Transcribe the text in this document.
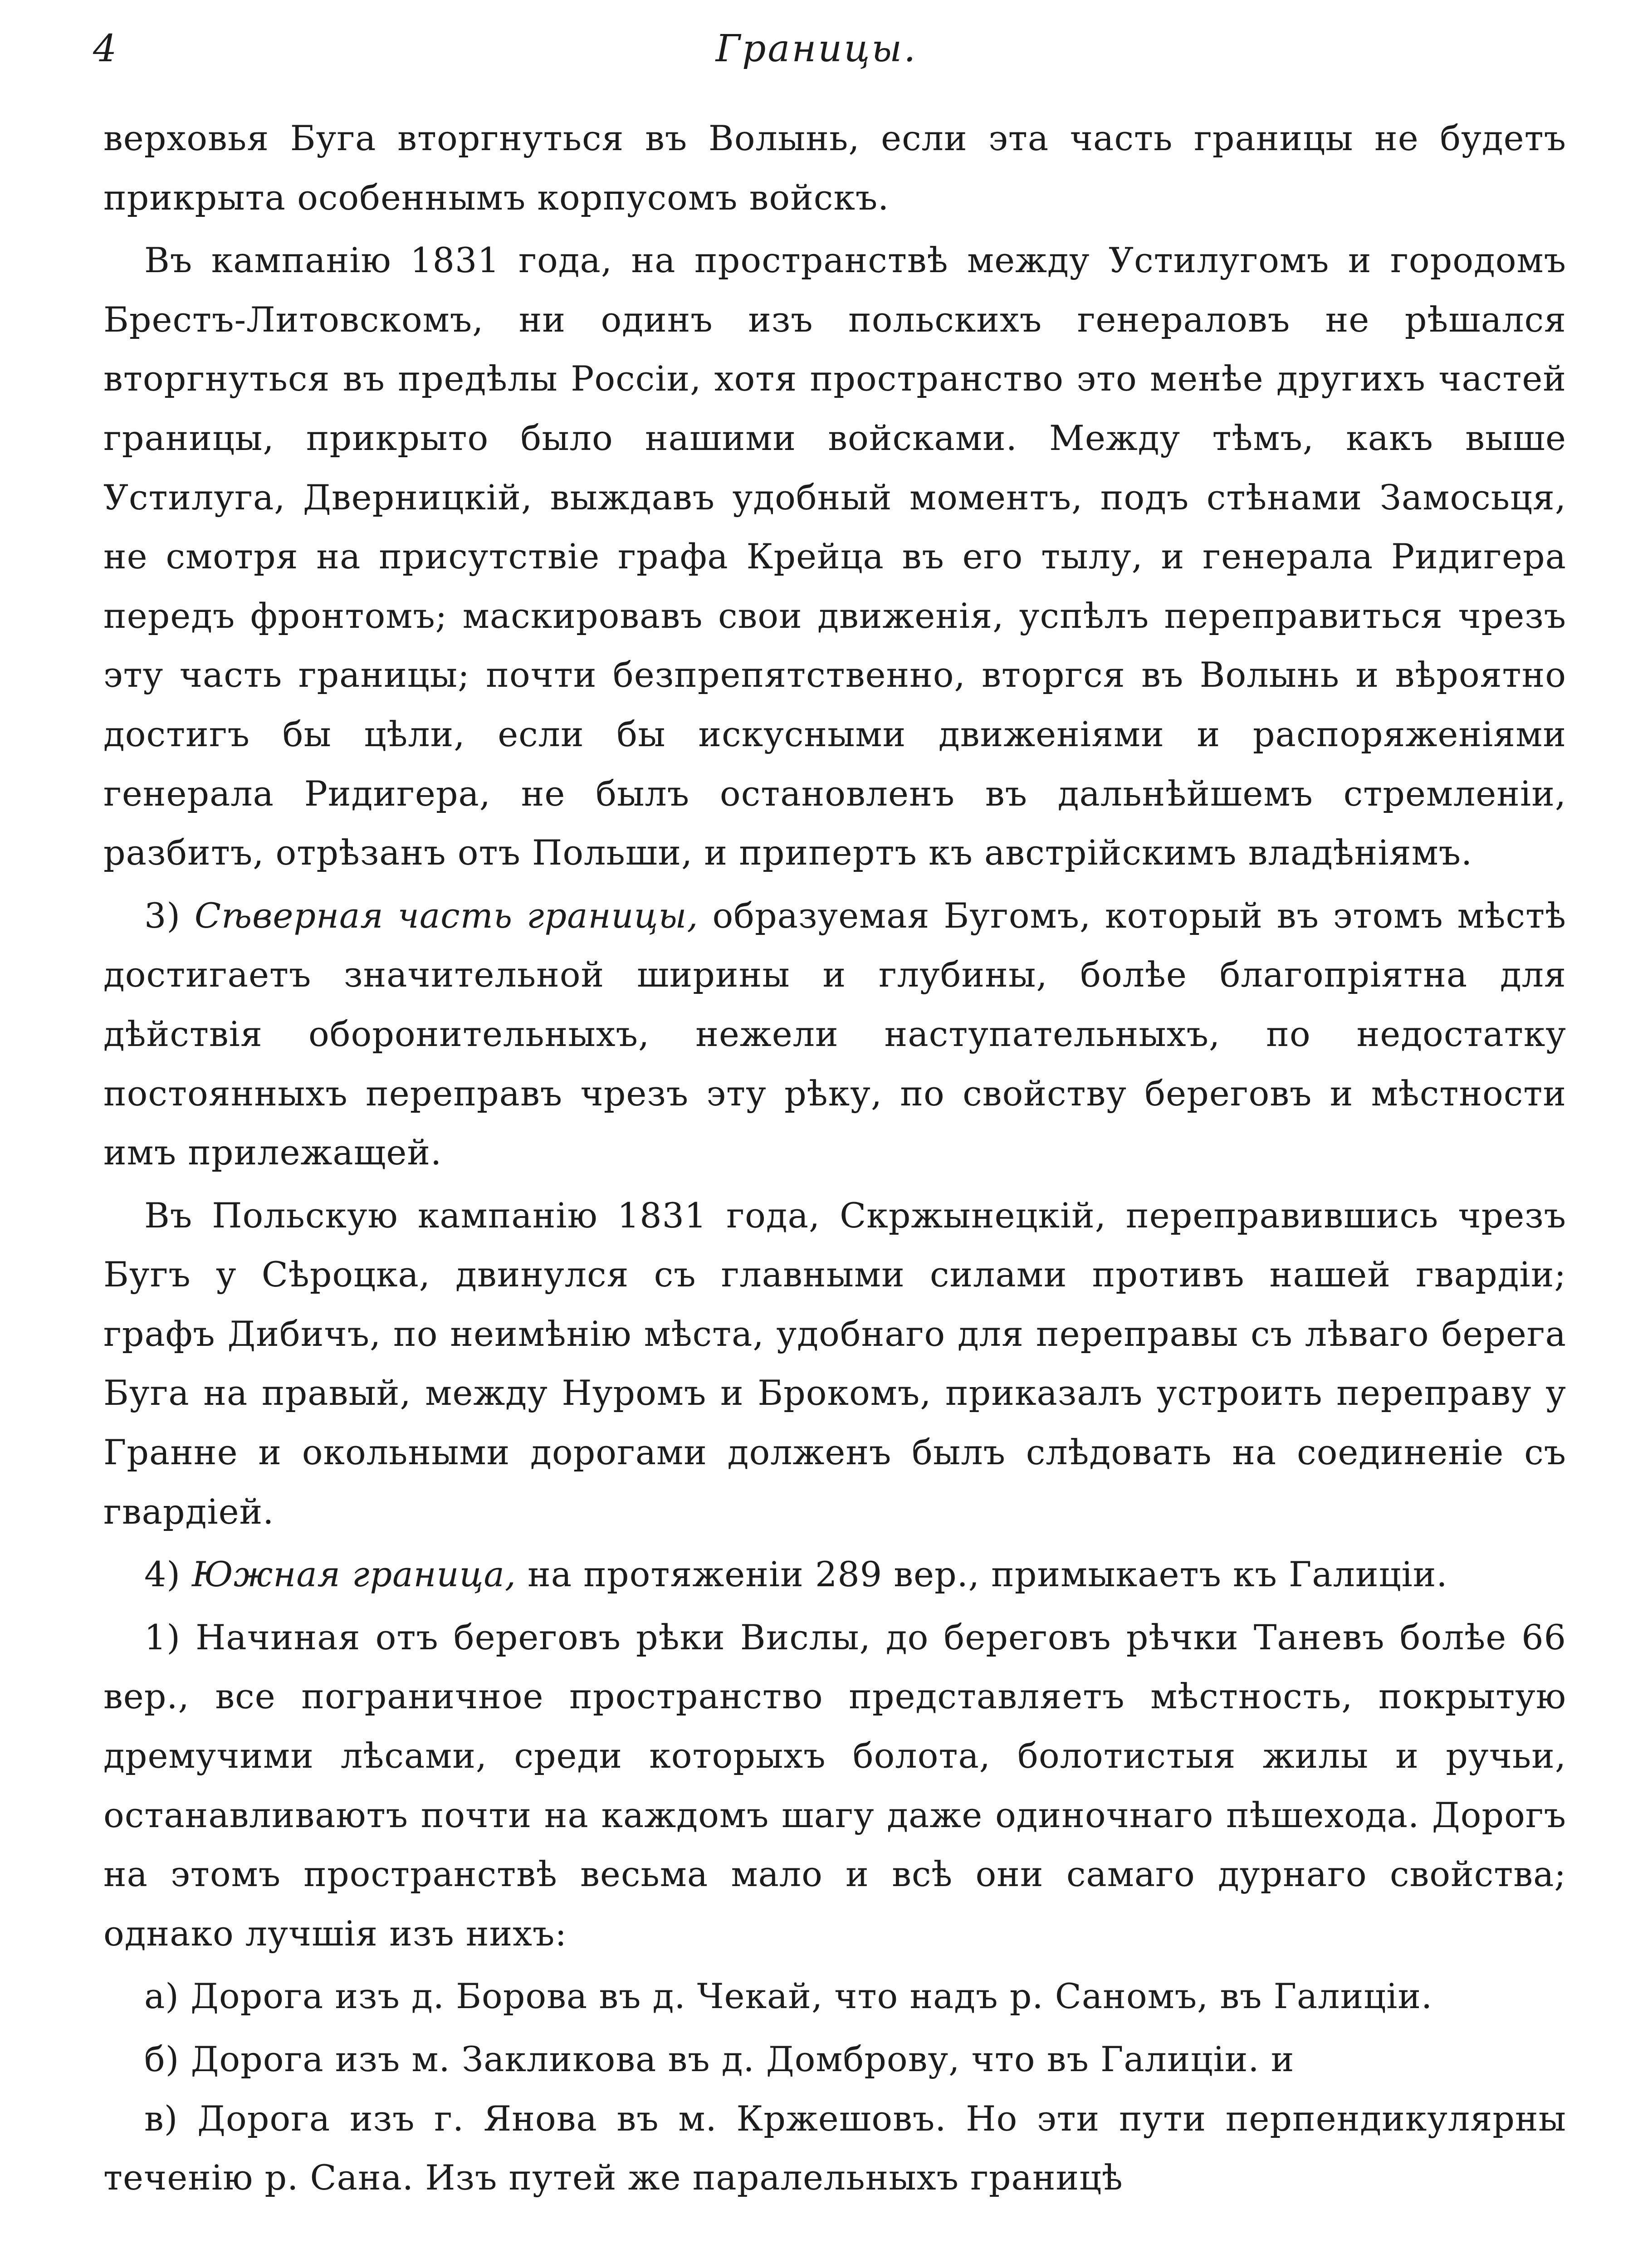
4	Границы.

верховья Буга вторгнуться въ Волынь, если эта часть границы не будетъ прикрыта особеннымъ корпусомъ войскъ.

Въ кампанію 1831 года, на пространствѣ между Устилугомъ и городомъ Брестъ-Литовскомъ, ни одинъ изъ польскихъ генераловъ не рѣшался вторгнуться въ предѣлы Россіи, хотя пространство это менѣе другихъ частей границы, прикрыто было нашими войсками. Между тѣмъ, какъ выше Устилуга, Дверницкій, выждавъ удобный моментъ, подъ стѣнами Замосьця, не смотря на присутствіе графа Крейца въ его тылу, и генерала Ридигера передъ фронтомъ; маскировавъ свои движенія, успѣлъ переправиться чрезъ эту часть границы; почти безпрепятственно, вторгся въ Волынь и вѣроятно достигъ бы цѣли, если бы искусными движеніями и распоряженіями генерала Ридигера, не былъ остановленъ въ дальнѣйшемъ стремленіи, разбитъ, отрѣзанъ отъ Польши, и припертъ къ австрійскимъ владѣніямъ.

3) Сѣверная часть границы, образуемая Бугомъ, который въ этомъ мѣстѣ достигаетъ значительной ширины и глубины, болѣе благопріятна для дѣйствія оборонительныхъ, нежели наступательныхъ, по недостатку постоянныхъ переправъ чрезъ эту рѣку, по свойству береговъ и мѣстности имъ прилежащей.

Въ Польскую кампанію 1831 года, Скржынецкій, переправившись чрезъ Бугъ у Сѣроцка, двинулся съ главными силами противъ нашей гвардіи; графъ Дибичъ, по неимѣнію мѣста, удобнаго для переправы съ лѣваго берега Буга на правый, между Нуромъ и Брокомъ, приказалъ устроить переправу у Гранне и окольными дорогами долженъ былъ слѣдовать на соединеніе съ гвардіей.

4) Южная граница, на протяженіи 289 вер., примыкаетъ къ Галиціи.

1) Начиная отъ береговъ рѣки Вислы, до береговъ рѣчки Таневъ болѣе 66 вер., все пограничное пространство представляетъ мѣстность, покрытую дремучими лѣсами, среди которыхъ болота, болотистыя жилы и ручьи, останавливаютъ почти на каждомъ шагу даже одиночнаго пѣшехода. Дорогъ на этомъ пространствѣ весьма мало и всѣ они самаго дурнаго свойства; однако лучшія изъ нихъ:

а) Дорога изъ д. Борова въ д. Чекай, что надъ р. Саномъ, въ Галиціи.

б) Дорога изъ м. Закликова въ д. Домброву, что въ Галиціи. и

в) Дорога изъ г. Янова въ м. Кржешовъ. Но эти пути перпендикулярны теченію р. Сана. Изъ путей же паралельныхъ границѣ
